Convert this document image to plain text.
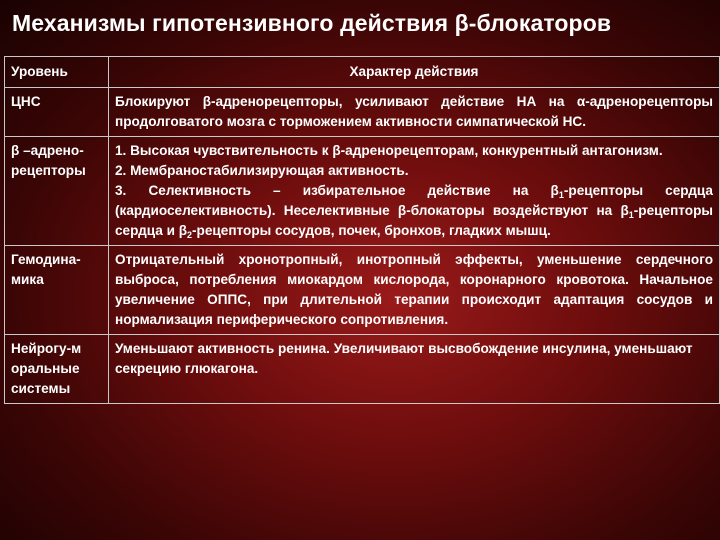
Механизмы гипотензивного действия β-блокаторов
Уровень	Характер действия
ЦНС	Блокируют β-адренорецепторы, усиливают действие НА на α-адренорецепторы продолговатого мозга с торможением активности симпатической НС.
β –адрено-рецепторы	1. Высокая чувствительность к β-адренорецепторам, конкурентный антагонизм.
2. Мембраностабилизирующая активность.
3. Селективность – избирательное действие на $\beta_1$-рецепторы сердца (кардиоселективность). Неселективные β-блокаторы воздействуют на $\beta_1$-рецепторы сердца и $\beta_2$-рецепторы сосудов, почек, бронхов, гладких мышц.

Гемодина-мика	Отрицательный хронотропный, инотропный эффекты, уменьшение сердечного выброса, потребления миокардом кислорода, коронарного кровотока. Начальное увеличение ОППС, при длительной терапии происходит адаптация сосудов и нормализация периферического сопротивления.
Нейрогу-м оральные системы	Уменьшают активность ренина. Увеличивают высвобождение инсулина, уменьшают секрецию глюкагона.
